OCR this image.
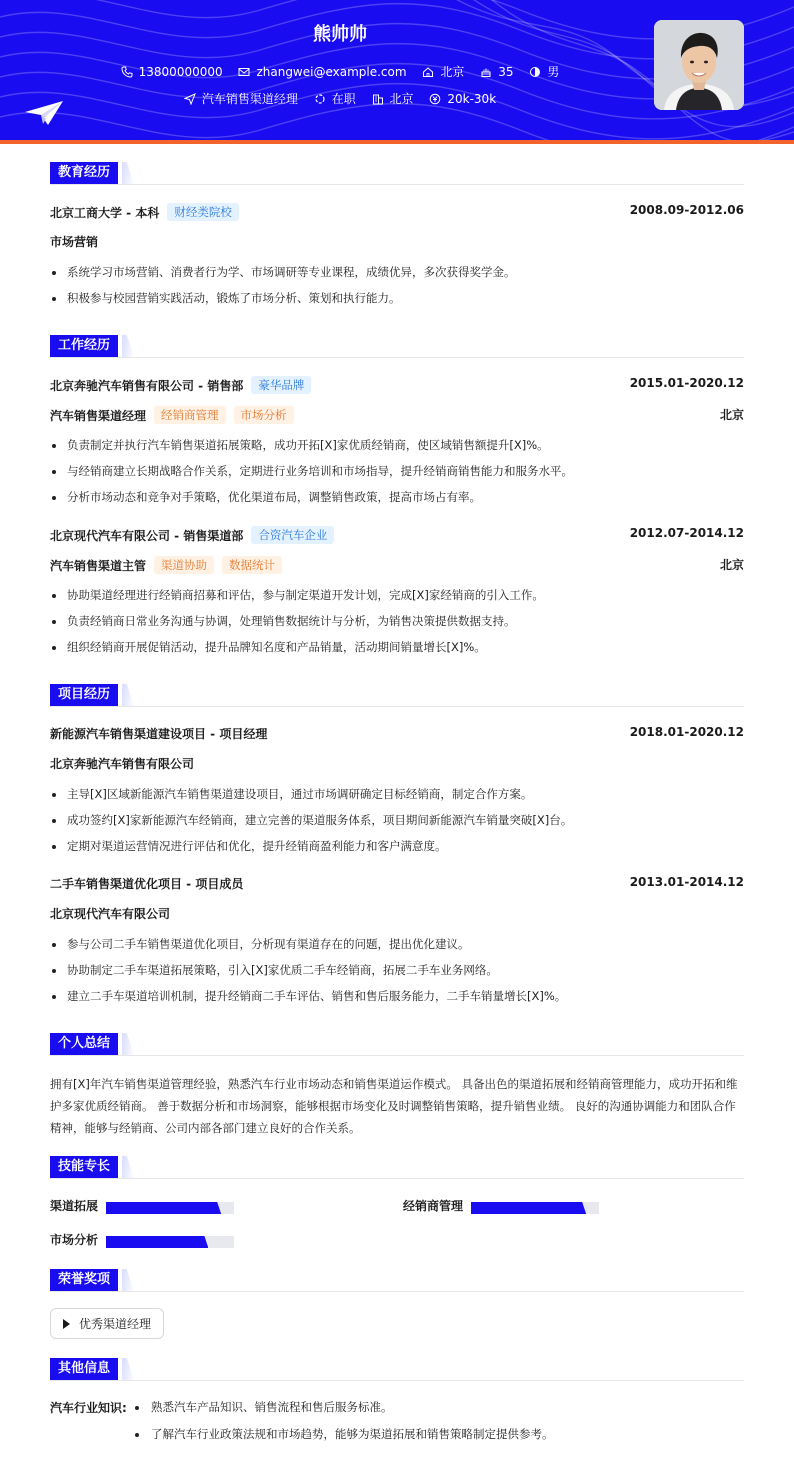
熊帅帅
13800000000
	zhangwei@example.com
	北京
	35
	男
汽车销售渠道经理
	在职
	北京
	20k-30k
教育经历
北京工商大学 - 本科	财经类院校	2008.09-2012.06
市场营销
系统学习市场营销、消费者行为学、市场调研等专业课程，成绩优异，多次获得奖学金。
积极参与校园营销实践活动，锻炼了市场分析、策划和执行能力。
工作经历
北京奔驰汽车销售有限公司 - 销售部	豪华品牌	2015.01-2020.12
汽车销售渠道经理	经销商管理	市场分析	北京
负责制定并执行汽车销售渠道拓展策略，成功开拓[X]家优质经销商，使区域销售额提升[X]%。
与经销商建立长期战略合作关系，定期进行业务培训和市场指导，提升经销商销售能力和服务水平。
分析市场动态和竞争对手策略，优化渠道布局，调整销售政策，提高市场占有率。
北京现代汽车有限公司 - 销售渠道部	合资汽车企业	2012.07-2014.12
汽车销售渠道主管	渠道协助	数据统计	北京
协助渠道经理进行经销商招募和评估，参与制定渠道开发计划，完成[X]家经销商的引入工作。
负责经销商日常业务沟通与协调，处理销售数据统计与分析，为销售决策提供数据支持。
组织经销商开展促销活动，提升品牌知名度和产品销量，活动期间销量增长[X]%。
项目经历
新能源汽车销售渠道建设项目 - 项目经理	2018.01-2020.12
北京奔驰汽车销售有限公司
主导[X]区域新能源汽车销售渠道建设项目，通过市场调研确定目标经销商，制定合作方案。
成功签约[X]家新能源汽车经销商，建立完善的渠道服务体系，项目期间新能源汽车销量突破[X]台。
定期对渠道运营情况进行评估和优化，提升经销商盈利能力和客户满意度。
二手车销售渠道优化项目 - 项目成员	2013.01-2014.12
北京现代汽车有限公司
参与公司二手车销售渠道优化项目，分析现有渠道存在的问题，提出优化建议。
协助制定二手车渠道拓展策略，引入[X]家优质二手车经销商，拓展二手车业务网络。
建立二手车渠道培训机制，提升经销商二手车评估、销售和售后服务能力，二手车销量增长[X]%。
个人总结
拥有[X]年汽车销售渠道管理经验，熟悉汽车行业市场动态和销售渠道运作模式。 具备出色的渠道拓展和经销商管理能力，成功开拓和维护多家优质经销商。 善于数据分析和市场洞察，能够根据市场变化及时调整销售策略，提升销售业绩。 良好的沟通协调能力和团队合作精神，能够与经销商、公司内部各部门建立良好的合作关系。
技能专长
渠道拓展	经销商管理
市场分析
荣誉奖项
优秀渠道经理
其他信息
汽车行业知识: 熟悉汽车产品知识、销售流程和售后服务标准。
了解汽车行业政策法规和市场趋势，能够为渠道拓展和销售策略制定提供参考。
